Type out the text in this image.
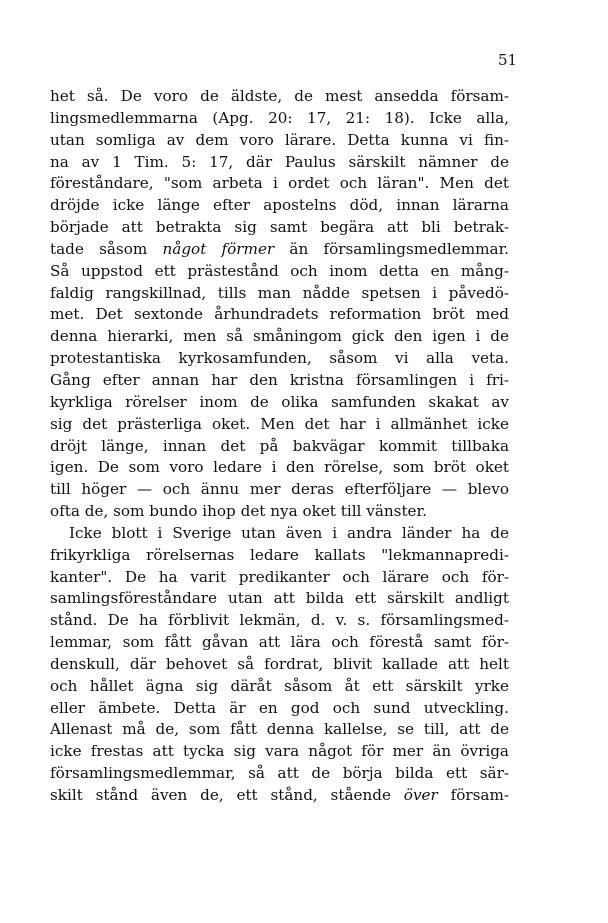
51
het så. De voro de äldste, de mest ansedda försam-
lingsmedlemmarna (Apg. 20: 17, 21: 18). Icke alla,
utan somliga av dem voro lärare. Detta kunna vi fin-
na av 1 Tim. 5: 17, där Paulus särskilt nämner de
föreståndare, "som arbeta i ordet och läran". Men det
dröjde icke länge efter apostelns död, innan lärarna
började att betrakta sig samt begära att bli betrak-
tade såsom något förmer än församlingsmedlemmar.
Så uppstod ett prästestånd och inom detta en mång-
faldig rangskillnad, tills man nådde spetsen i påvedö-
met. Det sextonde århundradets reformation bröt med
denna hierarki, men så småningom gick den igen i de
protestantiska kyrkosamfunden, såsom vi alla veta.
Gång efter annan har den kristna församlingen i fri-
kyrkliga rörelser inom de olika samfunden skakat av
sig det prästerliga oket. Men det har i allmänhet icke
dröjt länge, innan det på bakvägar kommit tillbaka
igen. De som voro ledare i den rörelse, som bröt oket
till höger — och ännu mer deras efterföljare — blevo
ofta de, som bundo ihop det nya oket till vänster.
Icke blott i Sverige utan även i andra länder ha de
frikyrkliga rörelsernas ledare kallats "lekmannapredi-
kanter". De ha varit predikanter och lärare och för-
samlingsföreståndare utan att bilda ett särskilt andligt
stånd. De ha förblivit lekmän, d. v. s. församlingsmed-
lemmar, som fått gåvan att lära och förestå samt för-
denskull, där behovet så fordrat, blivit kallade att helt
och hållet ägna sig däråt såsom åt ett särskilt yrke
eller ämbete. Detta är en god och sund utveckling.
Allenast må de, som fått denna kallelse, se till, att de
icke frestas att tycka sig vara något för mer än övriga
församlingsmedlemmar, så att de börja bilda ett sär-
skilt stånd även de, ett stånd, stående över försam-
